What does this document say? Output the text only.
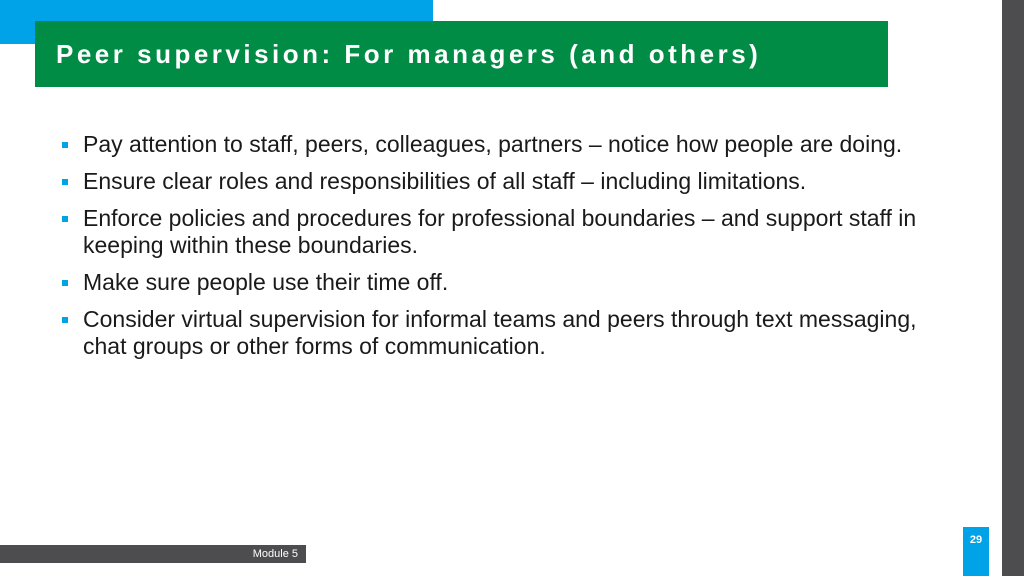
Peer supervision: For managers (and others)
Pay attention to staff, peers, colleagues, partners – notice how people are doing.
Ensure clear roles and responsibilities of all staff – including limitations.
Enforce policies and procedures for professional boundaries – and support staff in keeping within these boundaries.
Make sure people use their time off.
Consider virtual supervision for informal teams and peers through text messaging, chat groups or other forms of communication.
Module 5
29
